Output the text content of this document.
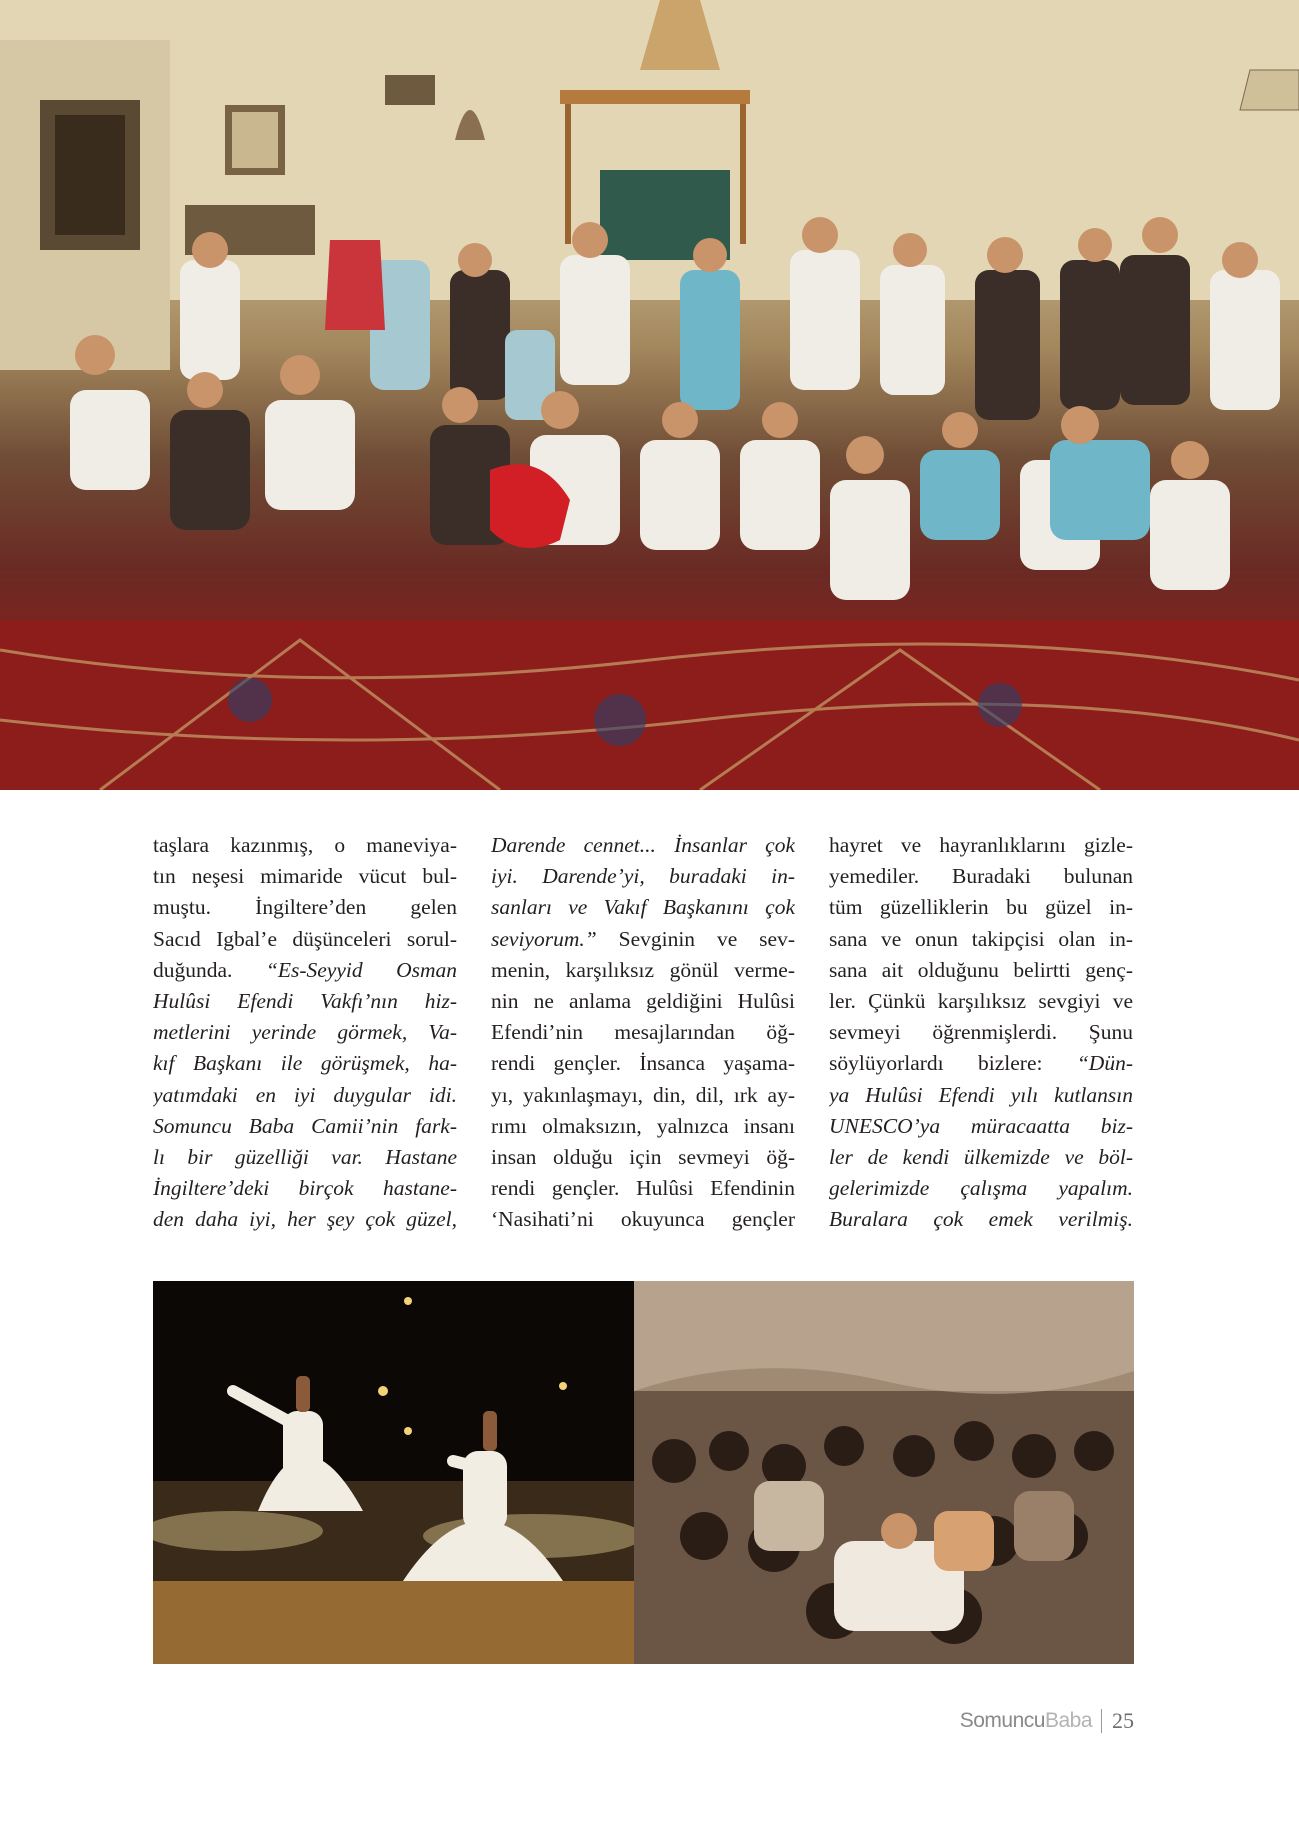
taşlara kazınmış, o maneviya-
tın neşesi mimaride vücut bul-
muştu. İngiltere’den gelen
Sacıd Igbal’e düşünceleri sorul-
duğunda. “Es-Seyyid Osman
Hulûsi Efendi Vakfı’nın hiz-
metlerini yerinde görmek, Va-
kıf Başkanı ile görüşmek, ha-
yatımdaki en iyi duygular idi.
Somuncu Baba Camii’nin fark-
lı bir güzelliği var. Hastane
İngiltere’deki birçok hastane-
den daha iyi, her şey çok güzel,
Darende cennet... İnsanlar çok
iyi. Darende’yi, buradaki in-
sanları ve Vakıf Başkanını çok
seviyorum.” Sevginin ve sev-
menin, karşılıksız gönül verme-
nin ne anlama geldiğini Hulûsi
Efendi’nin mesajlarından öğ-
rendi gençler. İnsanca yaşama-
yı, yakınlaşmayı, din, dil, ırk ay-
rımı olmaksızın, yalnızca insanı
insan olduğu için sevmeyi öğ-
rendi gençler. Hulûsi Efendinin
‘Nasihati’ni okuyunca gençler
hayret ve hayranlıklarını gizle-
yemediler. Buradaki bulunan
tüm güzelliklerin bu güzel in-
sana ve onun takipçisi olan in-
sana ait olduğunu belirtti genç-
ler. Çünkü karşılıksız sevgiyi ve
sevmeyi öğrenmişlerdi. Şunu
söylüyorlardı bizlere: “Dün-
ya Hulûsi Efendi yılı kutlansın
UNESCO’ya müracaatta biz-
ler de kendi ülkemizde ve böl-
gelerimizde çalışma yapalım.
Buralara çok emek verilmiş.
Somuncu Baba 25
